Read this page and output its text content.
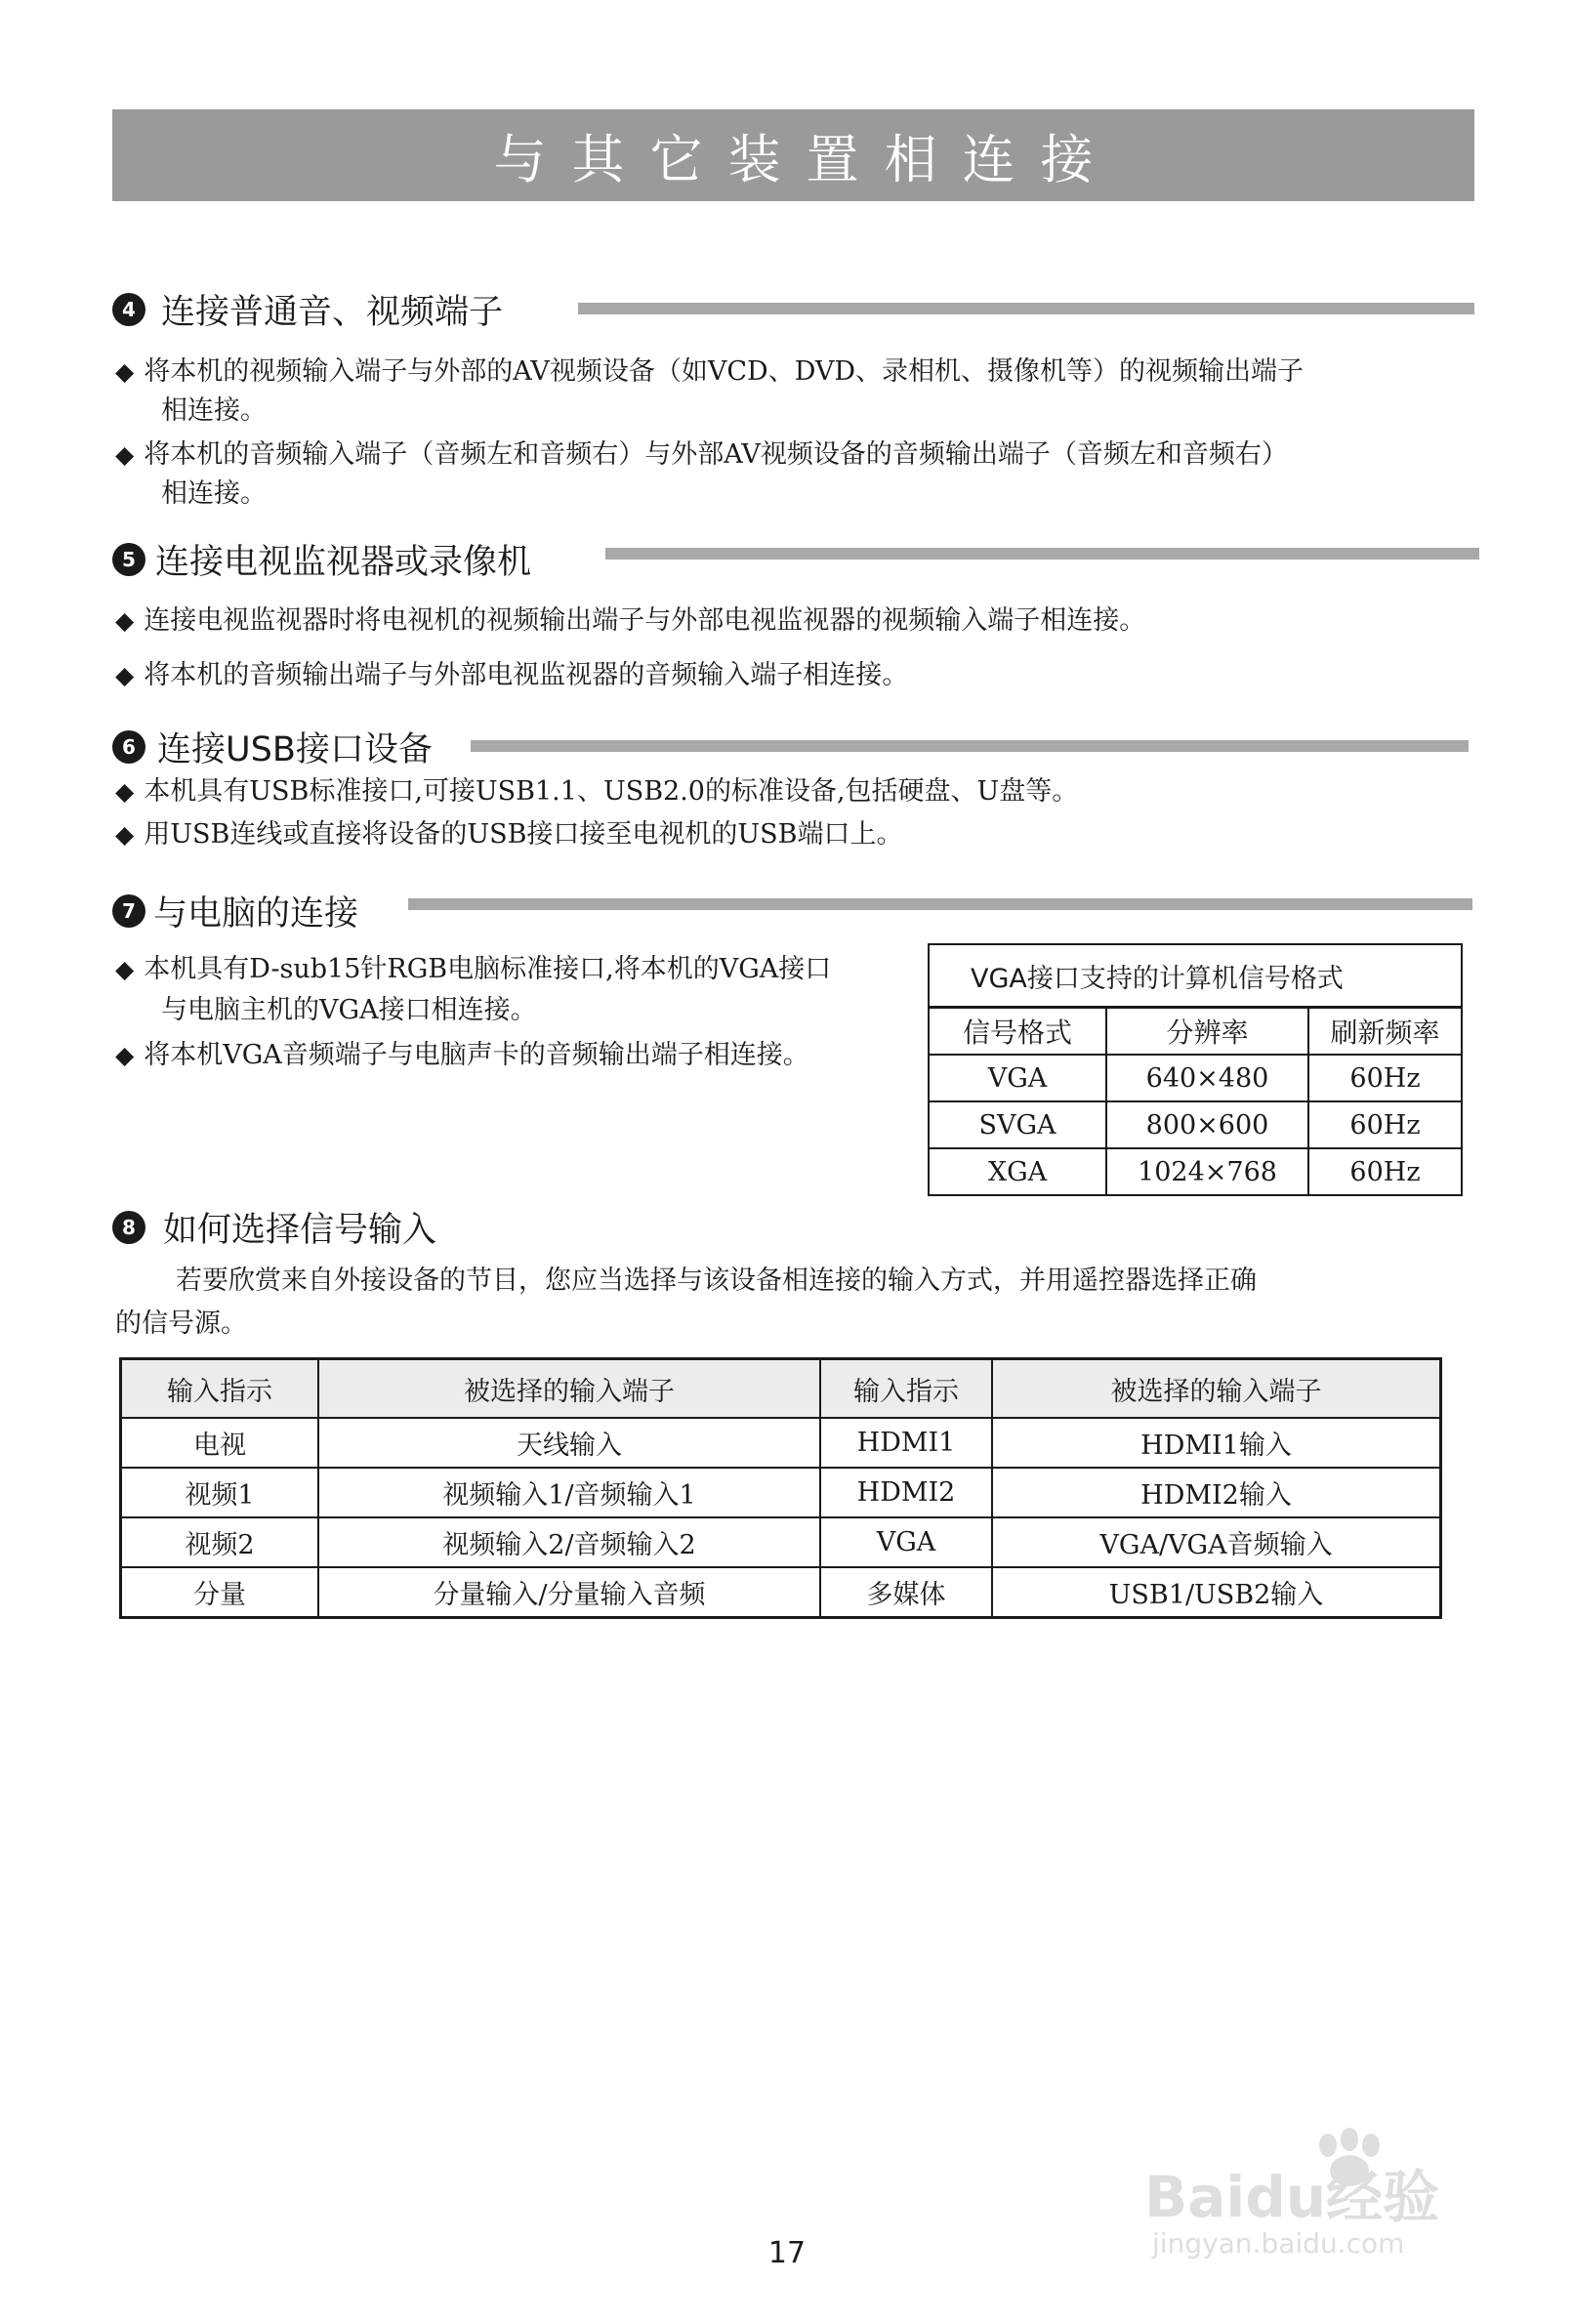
与其它装置相连接
4 连接普通音、视频端子
◆ 将本机的视频输入端子与外部的AV视频设备（如VCD、DVD、录相机、摄像机等）的视频输出端子
相连接。
◆ 将本机的音频输入端子（音频左和音频右）与外部AV视频设备的音频输出端子（音频左和音频右）
相连接。
5 连接电视监视器或录像机
◆ 连接电视监视器时将电视机的视频输出端子与外部电视监视器的视频输入端子相连接。
◆ 将本机的音频输出端子与外部电视监视器的音频输入端子相连接。
6 连接USB接口设备
◆ 本机具有USB标准接口,可接USB1.1、USB2.0的标准设备,包括硬盘、U盘等。
◆ 用USB连线或直接将设备的USB接口接至电视机的USB端口上。
7 与电脑的连接
◆ 本机具有D-sub15针RGB电脑标准接口,将本机的VGA接口
与电脑主机的VGA接口相连接。
◆ 将本机VGA音频端子与电脑声卡的音频输出端子相连接。
VGA接口支持的计算机信号格式		
信号格式	分辨率	刷新频率
VGA	640×480	60Hz
SVGA	800×600	60Hz
XGA	1024×768	60Hz
8 如何选择信号输入
若要欣赏来自外接设备的节目，您应当选择与该设备相连接的输入方式，并用遥控器选择正确
的信号源。
输入指示	被选择的输入端子	输入指示	被选择的输入端子
电视	天线输入	HDMI1	HDMI1输入
视频1	视频输入1/音频输入1	HDMI2	HDMI2输入
视频2	视频输入2/音频输入2	VGA	VGA/VGA音频输入
分量	分量输入/分量输入音频	多媒体	USB1/USB2输入
Baidu经验
jingyan.baidu.com
17
